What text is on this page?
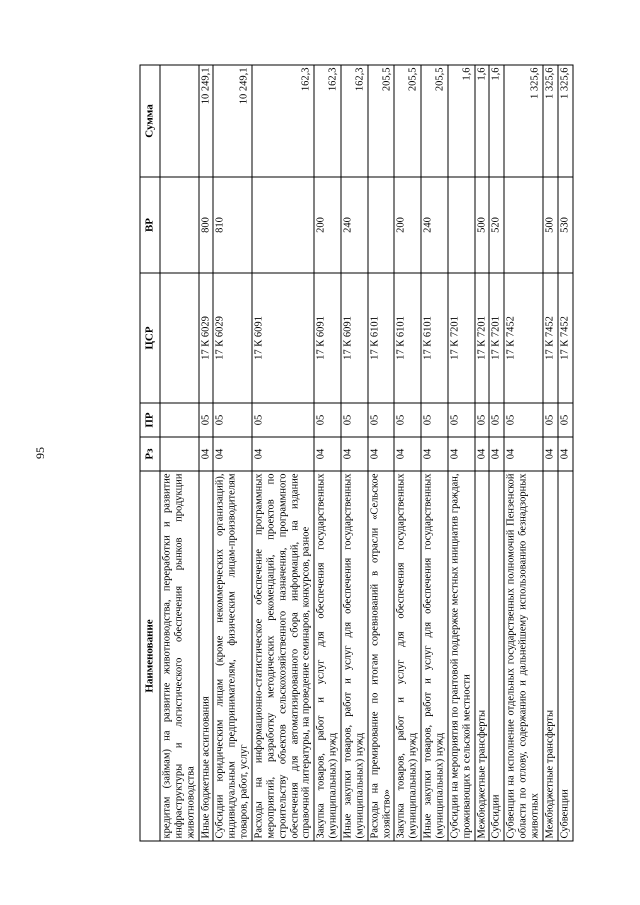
95
Наименование	Рз	ПР	ЦСР	ВР	Сумма
кредитам (займам) на развитие животноводства, переработки и развитие инфраструктуры и логистического обеспечения рынков продукции животноводства					
Иные бюджетные ассигнования	04	05	17 К 6029	800	10 249,1
Субсидии юридическим лицам (кроме некоммерческих организаций), индивидуальным предпринимателям, физическим лицам-производителям товаров, работ, услуг	04	05	17 К 6029	810	10 249,1
Расходы на информационно-статистическое обеспечение программных мероприятий, разработку методических рекомендаций, проектов по строительству объектов сельскохозяйственного назначения, программного обеспечения для автоматизированного сбора информаций, на издание справочной литературы, на проведение семинаров, конкурсов, разное	04	05	17 К 6091		162,3
Закупка товаров, работ и услуг для обеспечения государственных (муниципальных) нужд	04	05	17 К 6091	200	162,3
Иные закупки товаров, работ и услуг для обеспечения государственных (муниципальных) нужд	04	05	17 К 6091	240	162,3
Расходы на премирование по итогам соревнований в отрасли «Сельское хозяйство»	04	05	17 К 6101		205,5
Закупка товаров, работ и услуг для обеспечения государственных (муниципальных) нужд	04	05	17 К 6101	200	205,5
Иные закупки товаров, работ и услуг для обеспечения государственных (муниципальных) нужд	04	05	17 К 6101	240	205,5
Субсидии на мероприятия по грантовой поддержке местных инициатив граждан, проживающих в сельской местности	04	05	17 К 7201		1,6
Межбюджетные трансферты	04	05	17 К 7201	500	1,6
Субсидии	04	05	17 К 7201	520	1,6
Субвенции на исполнение отдельных государственных полномочий Пензенской области по отлову, содержанию и дальнейшему использованию безнадзорных животных	04	05	17 К 7452		1 325,6
Межбюджетные трансферты	04	05	17 К 7452	500	1 325,6
Субвенции	04	05	17 К 7452	530	1 325,6
